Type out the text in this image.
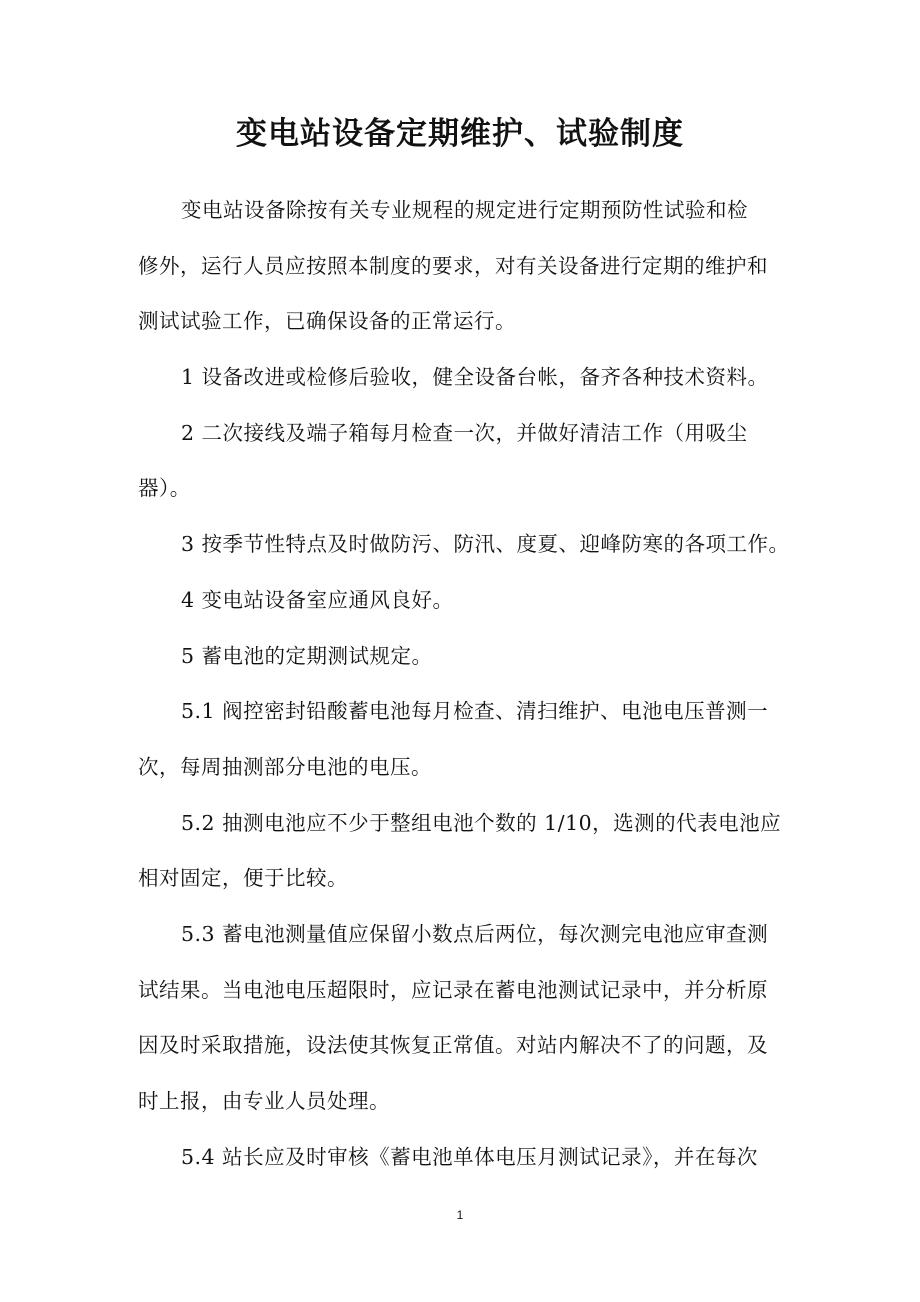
变电站设备定期维护、试验制度
变电站设备除按有关专业规程的规定进行定期预防性试验和检
修外，运行人员应按照本制度的要求，对有关设备进行定期的维护和
测试试验工作，已确保设备的正常运行。
1 设备改进或检修后验收，健全设备台帐，备齐各种技术资料。
2 二次接线及端子箱每月检查一次，并做好清洁工作（用吸尘
器）。
3 按季节性特点及时做防污、防汛、度夏、迎峰防寒的各项工作。
4 变电站设备室应通风良好。
5 蓄电池的定期测试规定。
5.1 阀控密封铅酸蓄电池每月检查、清扫维护、电池电压普测一
次，每周抽测部分电池的电压。
5.2 抽测电池应不少于整组电池个数的 1/10，选测的代表电池应
相对固定，便于比较。
5.3 蓄电池测量值应保留小数点后两位，每次测完电池应审查测
试结果。当电池电压超限时，应记录在蓄电池测试记录中，并分析原
因及时采取措施，设法使其恢复正常值。对站内解决不了的问题，及
时上报，由专业人员处理。
5.4 站长应及时审核《蓄电池单体电压月测试记录》，并在每次
1
